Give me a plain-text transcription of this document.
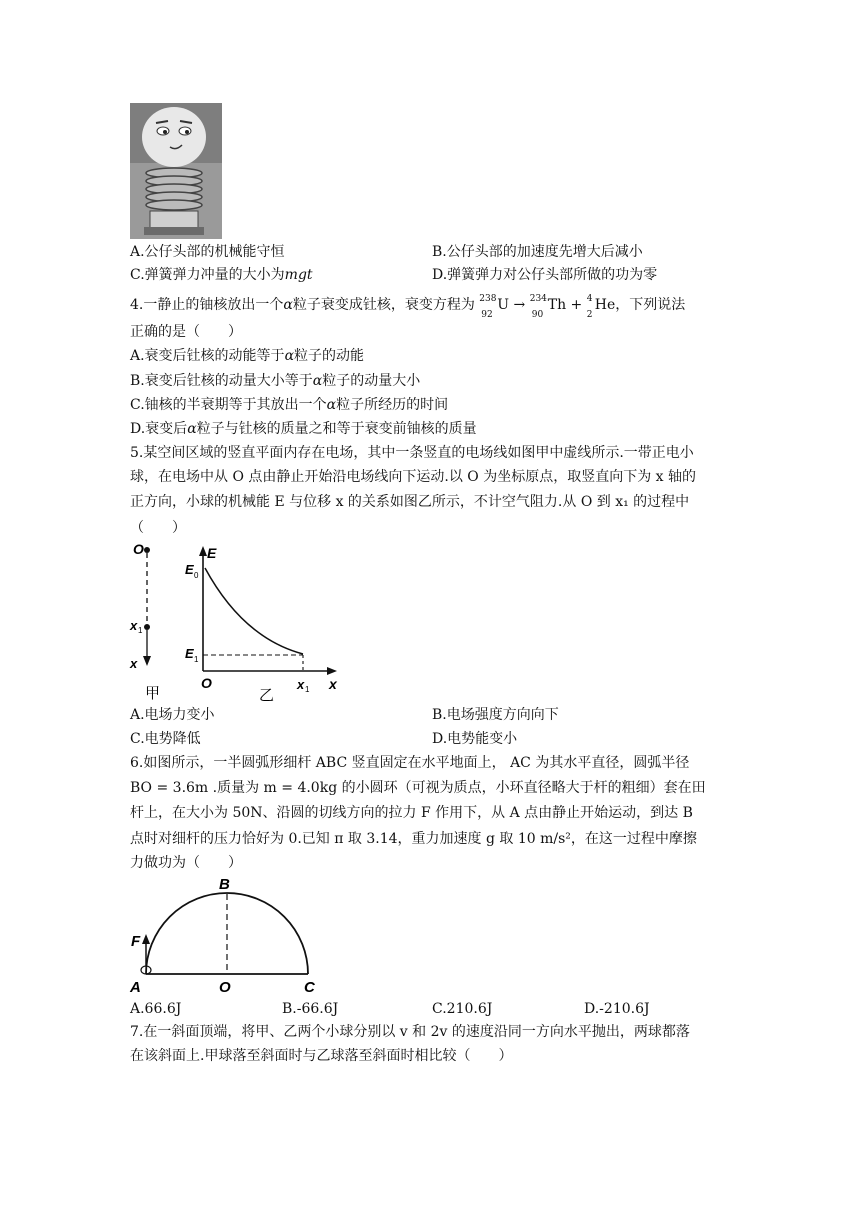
A.公仔头部的机械能守恒	B.公仔头部的加速度先增大后减小
C.弹簧弹力冲量的大小为mgt	D.弹簧弹力对公仔头部所做的功为零
4.一静止的铀核放出一个α粒子衰变成钍核，衰变方程为 238
92
U → 234
90
Th + 4
2
He，下列说法
正确的是（　　）
A.衰变后钍核的动能等于α粒子的动能
B.衰变后钍核的动量大小等于α粒子的动量大小
C.铀核的半衰期等于其放出一个α粒子所经历的时间
D.衰变后α粒子与钍核的质量之和等于衰变前铀核的质量
5.某空间区域的竖直平面内存在电场，其中一条竖直的电场线如图甲中虚线所示.一带正电小
球，在电场中从 O 点由静止开始沿电场线向下运动.以 O 为坐标原点，取竖直向下为 x 轴的
正方向，小球的机械能 E 与位移 x 的关系如图乙所示，不计空气阻力.从 O 到 x₁ 的过程中
（　　）
O
x 1
x
甲
E
E 0
E 1
O	x 1 x
乙
A.电场力变小	B.电场强度方向向下
C.电势降低	D.电势能变小
6.如图所示，一半圆弧形细杆 ABC 竖直固定在水平地面上， AC 为其水平直径，圆弧半径
BO = 3.6m .质量为 m = 4.0kg 的小圆环（可视为质点，小环直径略大于杆的粗细）套在田
杆上，在大小为 50N、沿圆的切线方向的拉力 F 作用下，从 A 点由静止开始运动，到达 B
点时对细杆的压力恰好为 0.已知 π 取 3.14，重力加速度 g 取 10 m/s²，在这一过程中摩擦
力做功为（　　）
B
F
A	O	C
A.66.6J	B.-66.6J	C.210.6J	D.-210.6J
7.在一斜面顶端，将甲、乙两个小球分别以 v 和 2v 的速度沿同一方向水平抛出，两球都落
在该斜面上.甲球落至斜面时与乙球落至斜面时相比较（　　）
